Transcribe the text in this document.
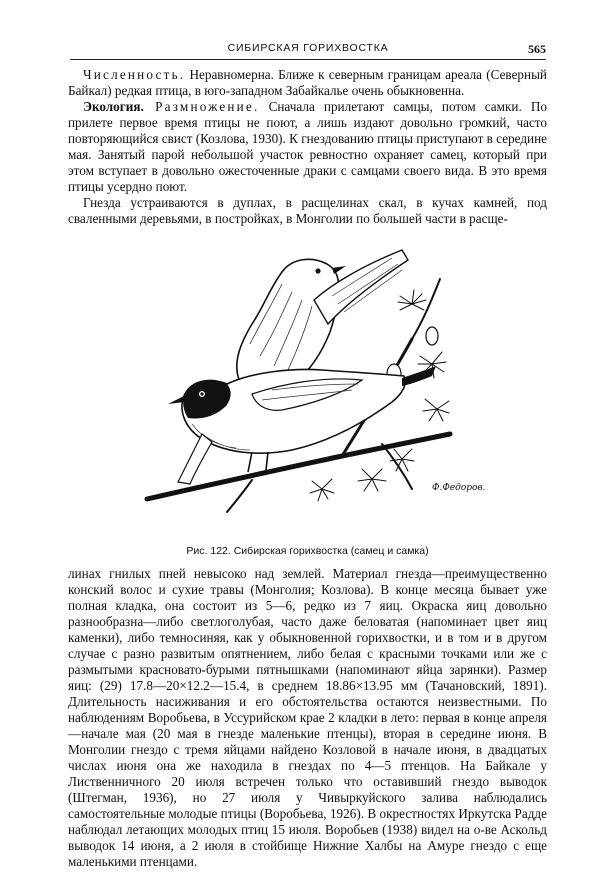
СИБИРСКАЯ ГОРИХВОСТКА	565

Численность. Неравномерна. Ближе к северным границам ареала (Северный Байкал) редкая птица, в юго-западном Забайкалье очень обыкновенна.

Экология. Размножение. Сначала прилетают самцы, потом самки. По прилете первое время птицы не поют, а лишь издают довольно громкий, часто повторяющийся свист (Козлова, 1930). К гнездованию птицы приступают в середине мая. Занятый парой небольшой участок ревностно охраняет самец, который при этом вступает в довольно ожесточенные драки с самцами своего вида. В это время птицы усердно поют.

Гнезда устраиваются в дуплах, в расщелинах скал, в кучах камней, под сваленными деревьями, в постройках, в Монголии по большей части в расще-

Ф.Федоров.
Рис. 122. Сибирская горихвостка (самец и самка)

линах гнилых пней невысоко над землей. Материал гнезда—преимущественно конский волос и сухие травы (Монголия; Козлова). В конце месяца бывает уже полная кладка, она состоит из 5—6, редко из 7 яиц. Окраска яиц довольно разнообразна—либо светлоголубая, часто даже беловатая (напоминает цвет яиц каменки), либо темносиняя, как у обыкновенной горихвостки, и в том и в другом случае с разно развитым опятнением, либо белая с красными точками или же с размытыми красновато-бурыми пятнышками (напоминают яйца зарянки). Размер яиц: (29) 17.8—20×12.2—15.4, в среднем 18.86×13.95 мм (Тачановский, 1891). Длительность насиживания и его обстоятельства остаются неизвестными. По наблюдениям Воробьева, в Уссурийском крае 2 кладки в лето: первая в конце апреля—начале мая (20 мая в гнезде маленькие птенцы), вторая в середине июня. В Монголии гнездо с тремя яйцами найдено Козловой в начале июня, в двадцатых числах июня она же находила в гнездах по 4—5 птенцов. На Байкале у Лиственничного 20 июля встречен только что оставивший гнездо выводок (Штегман, 1936), но 27 июля у Чивыркуйского залива наблюдались самостоятельные молодые птицы (Воробьева, 1926). В окрестностях Иркутска Радде наблюдал летающих молодых птиц 15 июля. Воробьев (1938) видел на о-ве Аскольд выводок 14 июня, а 2 июля в стойбище Нижние Халбы на Амуре гнездо с еще маленькими птенцами.
